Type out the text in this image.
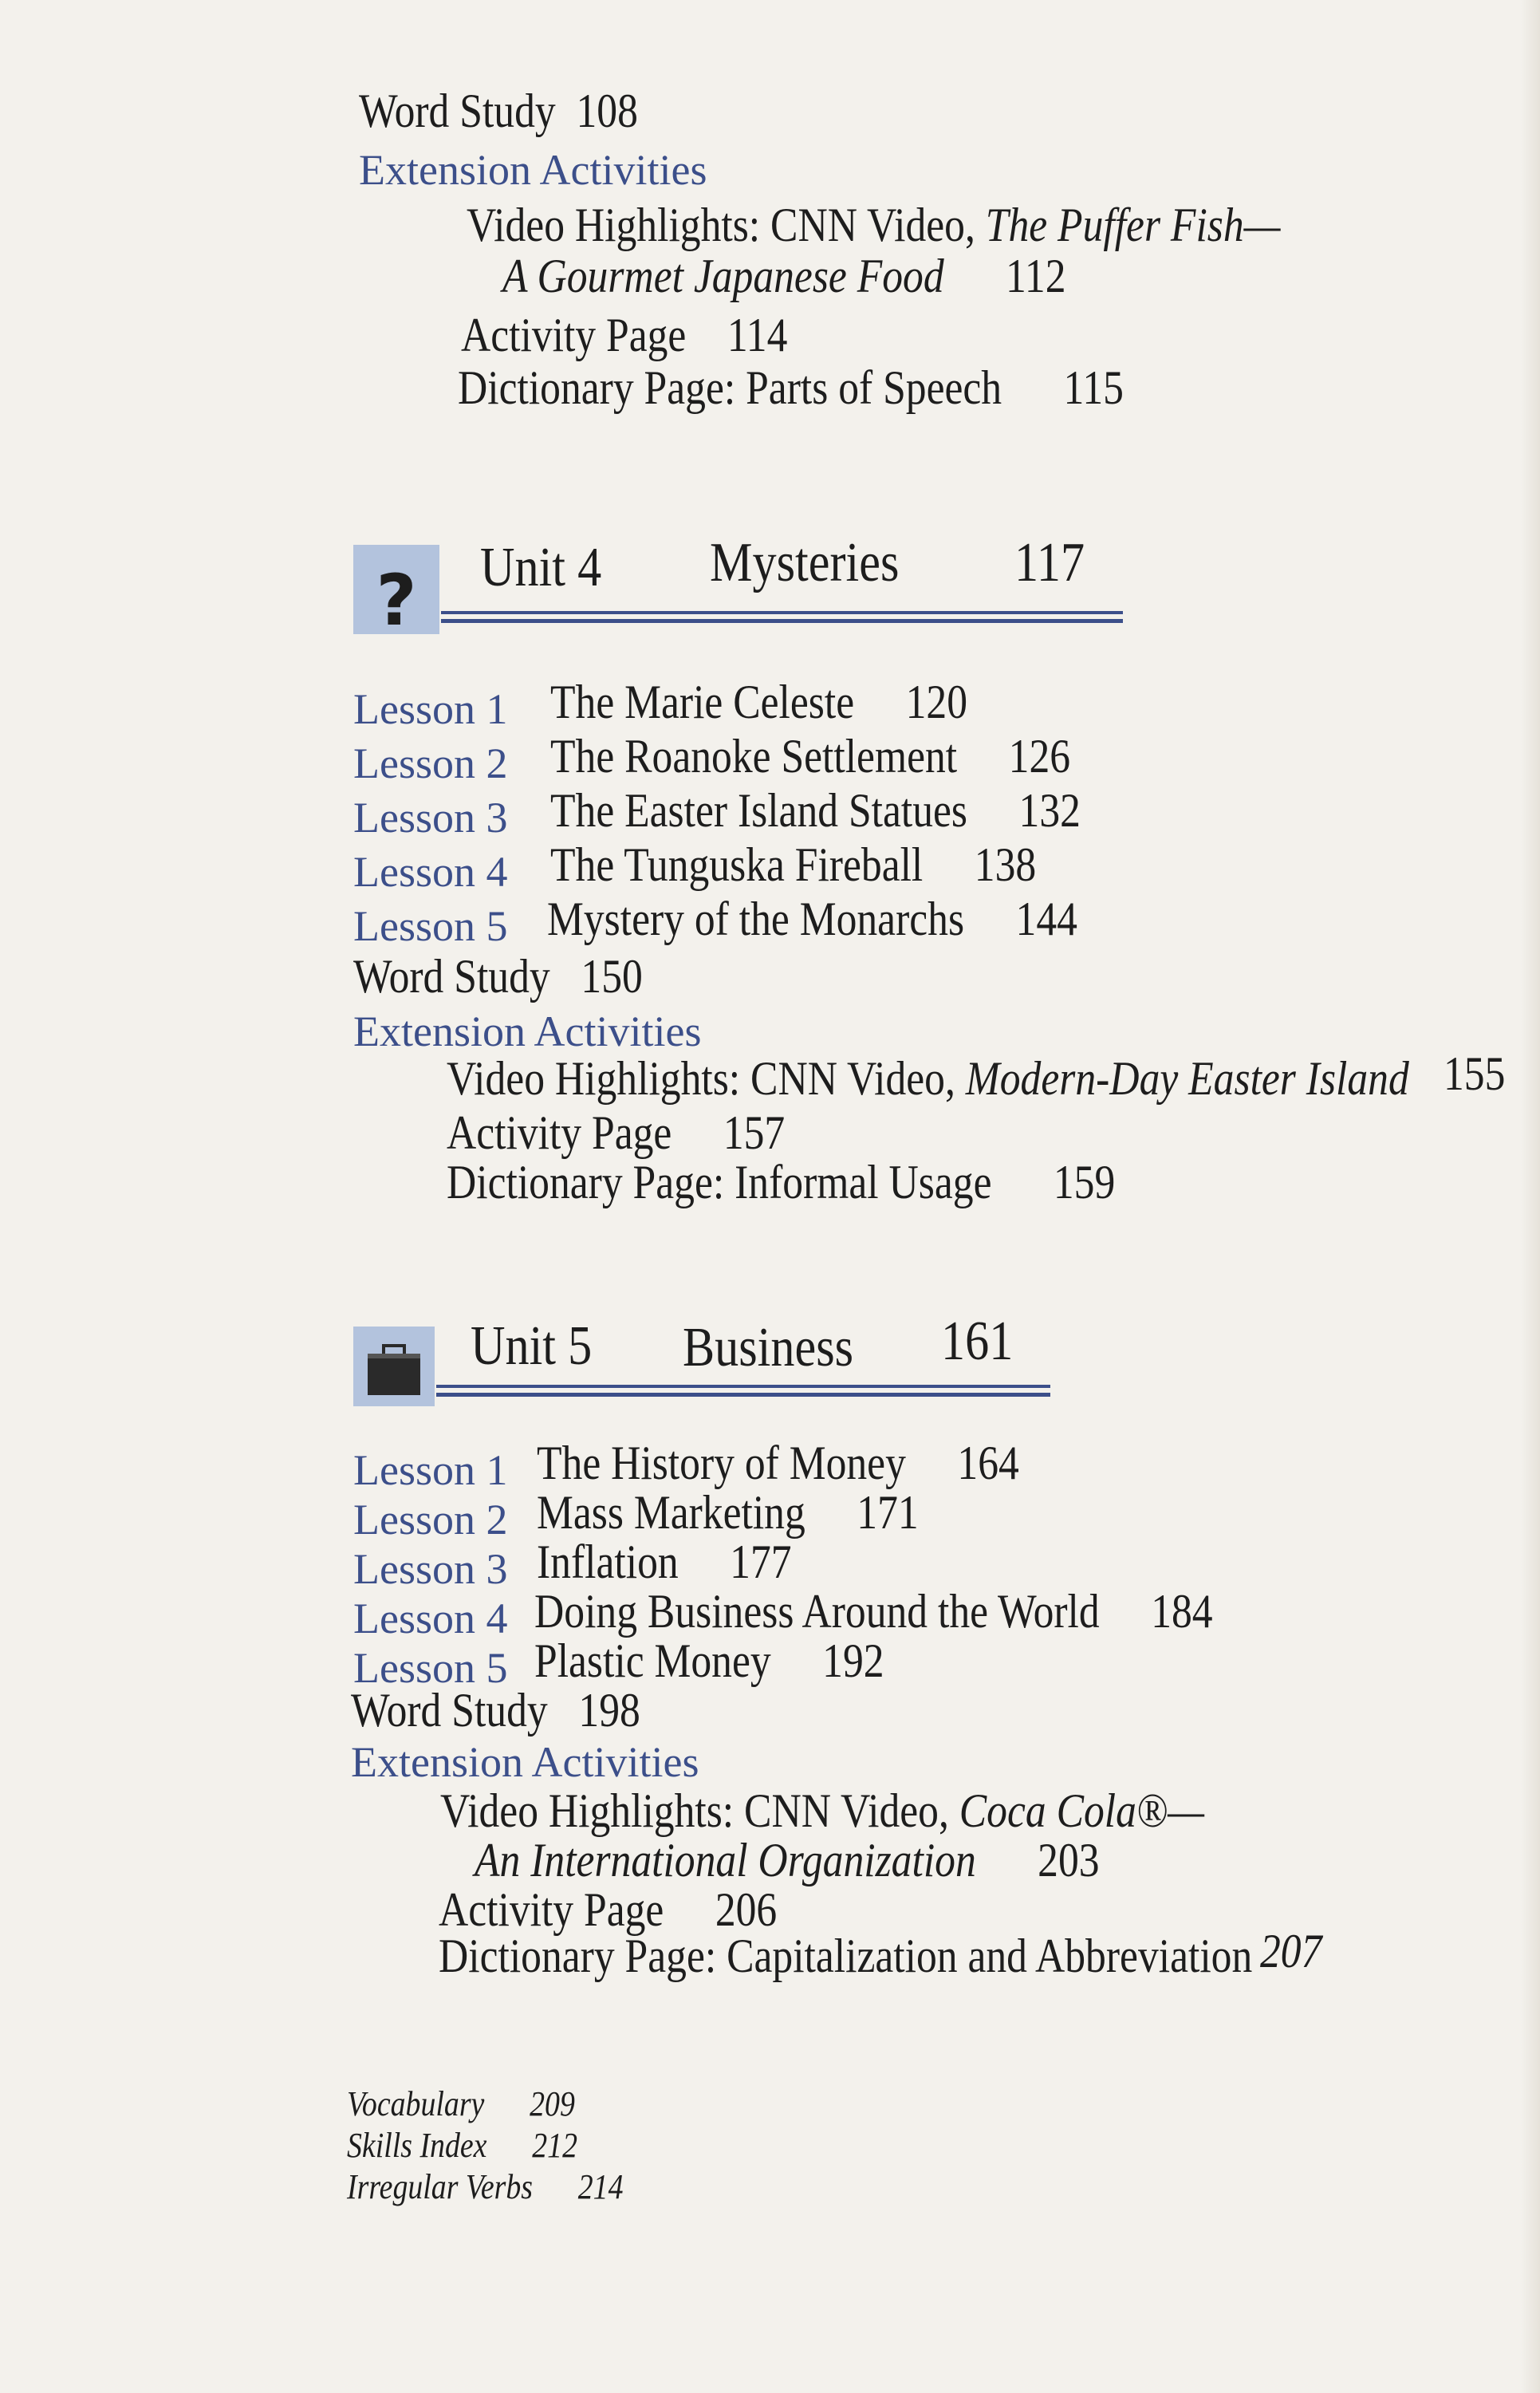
Word Study 108
Extension Activities
Video Highlights: CNN Video, The Puffer Fish—
A Gourmet Japanese Food 112
Activity Page 114
Dictionary Page: Parts of Speech 115
? Unit 4	Mysteries	117
Lesson 1 The Marie Celeste 120
Lesson 2 The Roanoke Settlement 126
Lesson 3 The Easter Island Statues 132
Lesson 4 The Tunguska Fireball 138
Lesson 5 Mystery of the Monarchs 144
Word Study 150
Extension Activities
Video Highlights: CNN Video, Modern-Day Easter Island 155
Activity Page 157
Dictionary Page: Informal Usage 159
Unit 5	Business	161
Lesson 1 The History of Money 164
Lesson 2 Mass Marketing 171
Lesson 3 Inflation 177
Lesson 4 Doing Business Around the World 184
Lesson 5 Plastic Money 192
Word Study 198
Extension Activities
Video Highlights: CNN Video, Coca Cola®—
An International Organization 203
Activity Page 206
Dictionary Page: Capitalization and Abbreviation 207
Vocabulary 209
Skills Index 212
Irregular Verbs 214
